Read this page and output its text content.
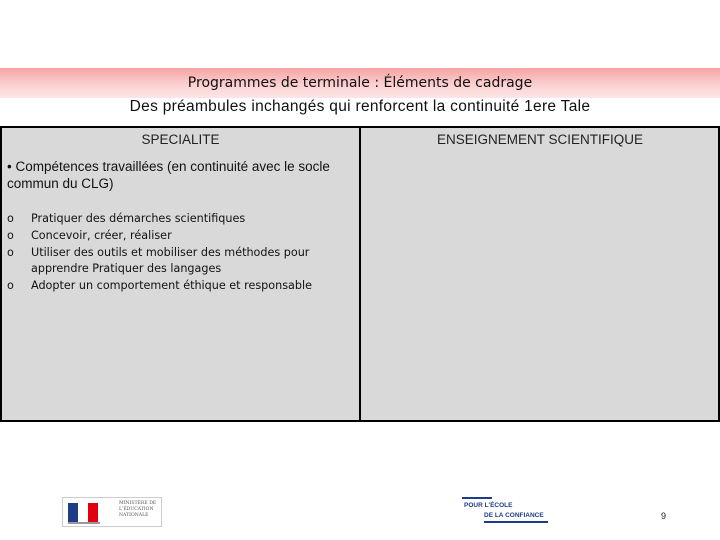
Programmes de terminale : Éléments de cadrage
Des préambules inchangés qui renforcent la continuité 1ere Tale
SPECIALITE	ENSEIGNEMENT SCIENTIFIQUE
• Compétences travaillées (en continuité avec le socle commun du CLG)
o Pratiquer des démarches scientifiques
o Concevoir, créer, réaliser
o Utiliser des outils et mobiliser des méthodes pour apprendre Pratiquer des langages
o Adopter un comportement éthique et responsable
MINISTÈRE DE L'ÉDUCATION NATIONALE
POUR L'ÉCOLE
DE LA CONFIANCE	9
